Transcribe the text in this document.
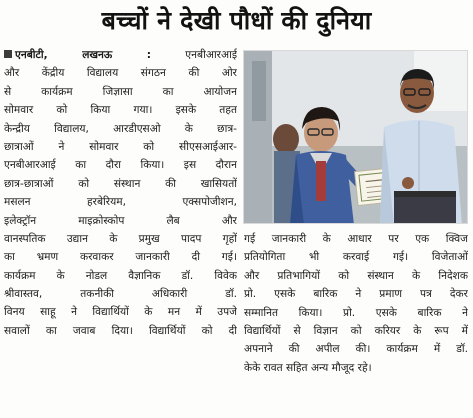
बच्चों ने देखी पौधों की दुनिया
एनबीटी, लखनऊ :	एनबीआरआई
और केंद्रीय विद्यालय संगठन की ओर
से कार्यक्रम जिज्ञासा का आयोजन
सोमवार को किया गया। इसके तहत
केन्द्रीय विद्यालय, आरडीएसओ के छात्र-
छात्राओं ने सोमवार को सीएसआईआर-
एनबीआरआई का दौरा किया। इस दौरान
छात्र-छात्राओं को संस्थान की खासियतों
मसलन हरबेरियम, एक्सपोजीशन,
इलेक्ट्रॉन माइक्रोस्कोप लैब और
वानस्पतिक उद्यान के प्रमुख पादप गृहों
का भ्रमण करवाकर जानकारी दी गई।
कार्यक्रम के नोडल वैज्ञानिक डॉ. विवेक
श्रीवास्तव, तकनीकी अधिकारी डॉ.
विनय साहू ने विद्यार्थियों के मन में उपजे
सवालों का जवाब दिया। विद्यार्थियों को दी
गई जानकारी के आधार पर एक क्विज
प्रतियोगिता भी करवाई गई। विजेताओं
और प्रतिभागियों को संस्थान के निदेशक
प्रो. एसके बारिक ने प्रमाण पत्र देकर
सम्मानित किया। प्रो. एसके बारिक ने
विद्यार्थियों से विज्ञान को करियर के रूप में
अपनाने की अपील की। कार्यक्रम में डॉ.
केके रावत सहित अन्य मौजूद रहे।
